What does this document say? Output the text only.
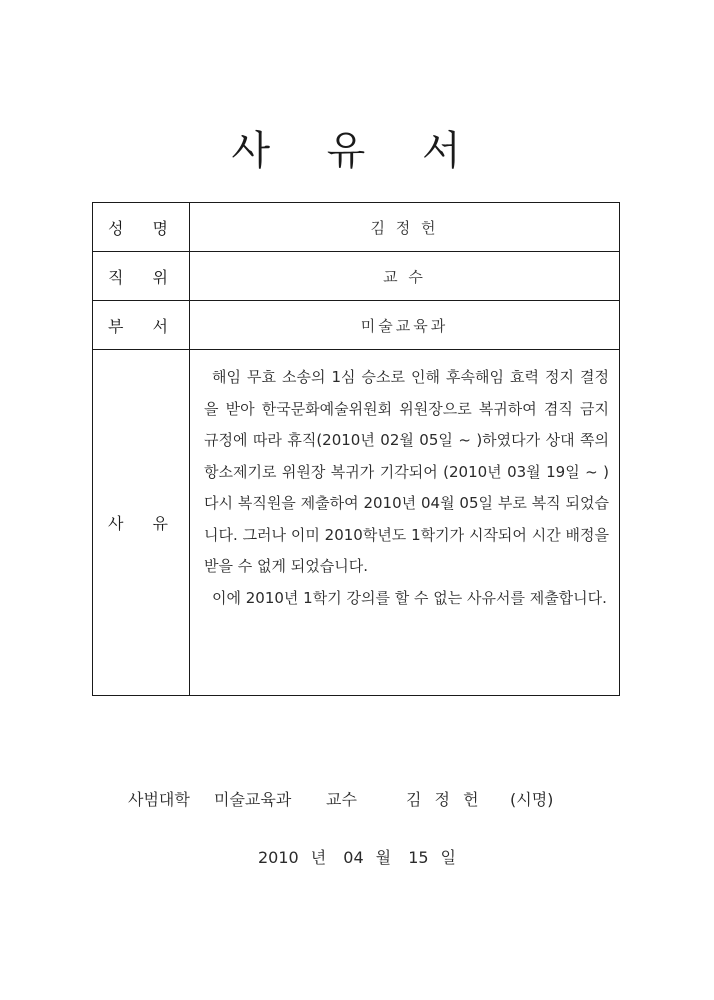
사 유 서
성 명	김 정 헌
직 위	교 수
부 서	미술교육과
사 유	해임 무효 소송의 1심 승소로 인해 후속해임 효력 정지 결정을 받아 한국문화예술위원회 위원장으로 복귀하여 겸직 금지 규정에 따라 휴직(2010년 02월 05일 ~ )하였다가 상대 쪽의 항소제기로 위원장 복귀가 기각되어 (2010년 03월 19일 ~ ) 다시 복직원을 제출하여 2010년 04월 05일 부로 복직 되었습니다. 그러나 이미 2010학년도 1학기가 시작되어 시간 배정을 받을 수 없게 되었습니다.

이에 2010년 1학기 강의를 할 수 없는 사유서를 제출합니다.

사범대학 미술교육과 교수	김 정 헌 (시명)
2010 년 04 월 15 일
